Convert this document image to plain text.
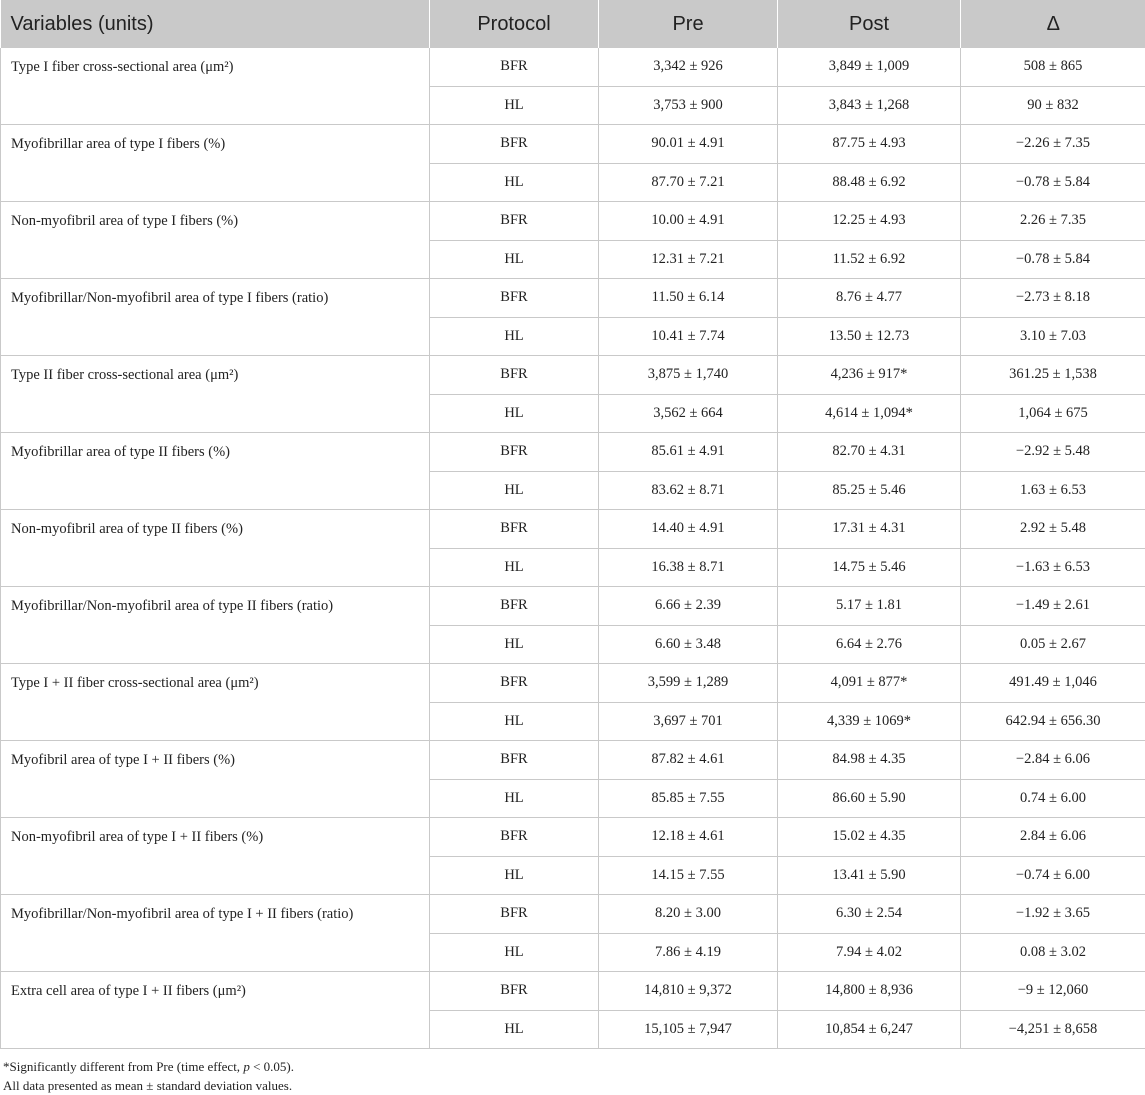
Variables (units)	Protocol	Pre	Post	Δ
Type I fiber cross-sectional area (μm²)	BFR	3,342 ± 926	3,849 ± 1,009	508 ± 865
	HL	3,753 ± 900	3,843 ± 1,268	90 ± 832
Myofibrillar area of type I fibers (%)	BFR	90.01 ± 4.91	87.75 ± 4.93	−2.26 ± 7.35
	HL	87.70 ± 7.21	88.48 ± 6.92	−0.78 ± 5.84
Non-myofibril area of type I fibers (%)	BFR	10.00 ± 4.91	12.25 ± 4.93	2.26 ± 7.35
	HL	12.31 ± 7.21	11.52 ± 6.92	−0.78 ± 5.84
Myofibrillar/Non-myofibril area of type I fibers (ratio)	BFR	11.50 ± 6.14	8.76 ± 4.77	−2.73 ± 8.18
	HL	10.41 ± 7.74	13.50 ± 12.73	3.10 ± 7.03
Type II fiber cross-sectional area (μm²)	BFR	3,875 ± 1,740	4,236 ± 917*	361.25 ± 1,538
	HL	3,562 ± 664	4,614 ± 1,094*	1,064 ± 675
Myofibrillar area of type II fibers (%)	BFR	85.61 ± 4.91	82.70 ± 4.31	−2.92 ± 5.48
	HL	83.62 ± 8.71	85.25 ± 5.46	1.63 ± 6.53
Non-myofibril area of type II fibers (%)	BFR	14.40 ± 4.91	17.31 ± 4.31	2.92 ± 5.48
	HL	16.38 ± 8.71	14.75 ± 5.46	−1.63 ± 6.53
Myofibrillar/Non-myofibril area of type II fibers (ratio)	BFR	6.66 ± 2.39	5.17 ± 1.81	−1.49 ± 2.61
	HL	6.60 ± 3.48	6.64 ± 2.76	0.05 ± 2.67
Type I + II fiber cross-sectional area (μm²)	BFR	3,599 ± 1,289	4,091 ± 877*	491.49 ± 1,046
	HL	3,697 ± 701	4,339 ± 1069*	642.94 ± 656.30
Myofibril area of type I + II fibers (%)	BFR	87.82 ± 4.61	84.98 ± 4.35	−2.84 ± 6.06
	HL	85.85 ± 7.55	86.60 ± 5.90	0.74 ± 6.00
Non-myofibril area of type I + II fibers (%)	BFR	12.18 ± 4.61	15.02 ± 4.35	2.84 ± 6.06
	HL	14.15 ± 7.55	13.41 ± 5.90	−0.74 ± 6.00
Myofibrillar/Non-myofibril area of type I + II fibers (ratio)	BFR	8.20 ± 3.00	6.30 ± 2.54	−1.92 ± 3.65
	HL	7.86 ± 4.19	7.94 ± 4.02	0.08 ± 3.02
Extra cell area of type I + II fibers (μm²)	BFR	14,810 ± 9,372	14,800 ± 8,936	−9 ± 12,060
	HL	15,105 ± 7,947	10,854 ± 6,247	−4,251 ± 8,658
*Significantly different from Pre (time effect, p < 0.05).
All data presented as mean ± standard deviation values.
